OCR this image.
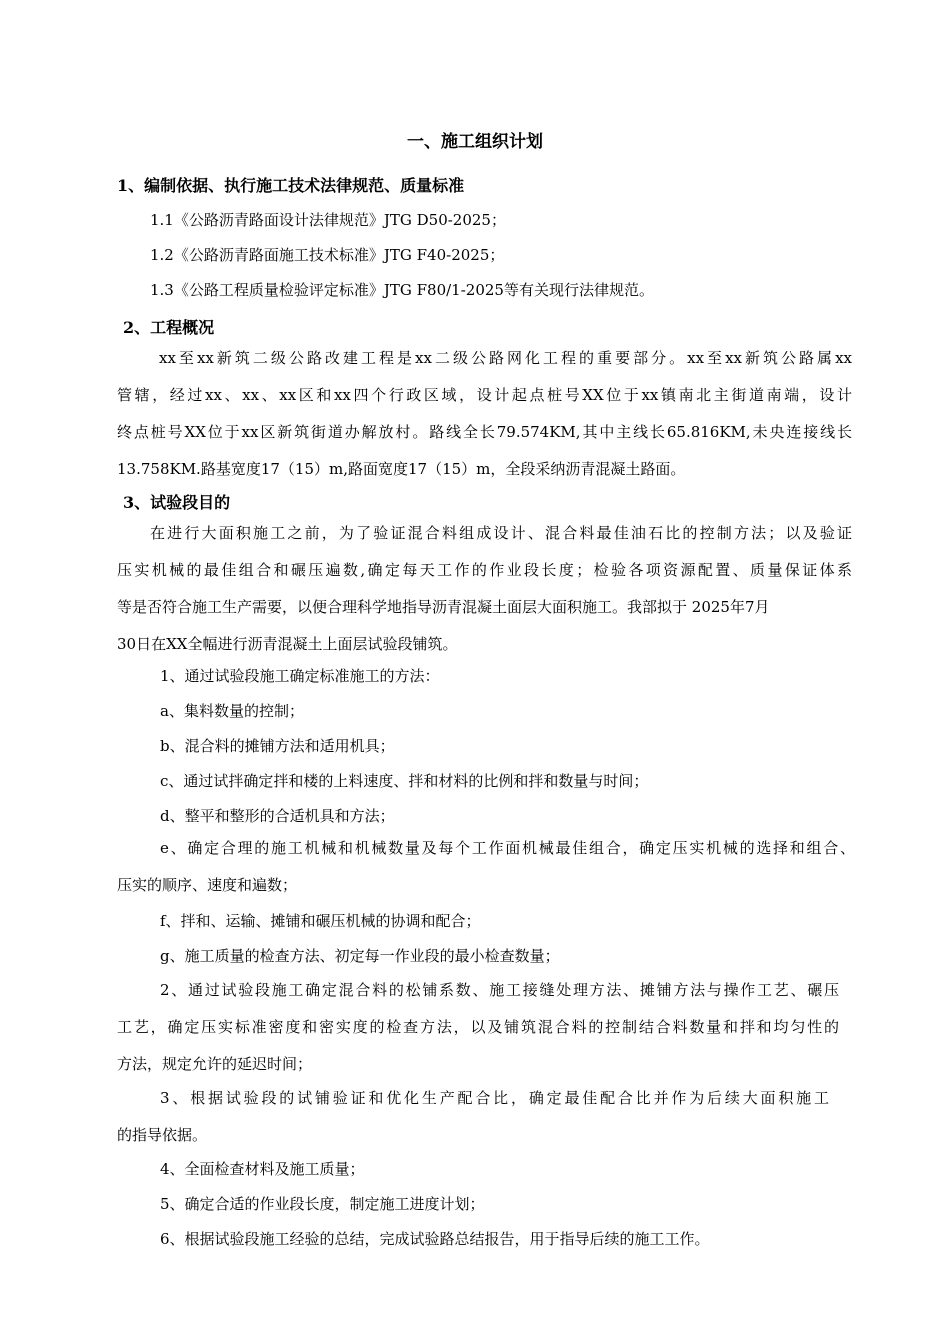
一、施工组织计划
1、编制依据、执行施工技术法律规范、质量标准
1.1《公路沥青路面设计法律规范》JTG D50-2025；
1.2《公路沥青路面施工技术标准》JTG F40-2025；
1.3《公路工程质量检验评定标准》JTG F80/1-2025等有关现行法律规范。
2、工程概况
xx至xx新筑二级公路改建工程是xx二级公路网化工程的重要部分。xx至xx新筑公路属xx
管辖，经过xx、xx、xx区和xx四个行政区域，设计起点桩号XX位于xx镇南北主街道南端，设计
终点桩号XX位于xx区新筑街道办解放村。路线全长79.574KM,其中主线长65.816KM,未央连接线长
13.758KM.路基宽度17（15）m,路面宽度17（15）m，全段采纳沥青混凝土路面。
3、试验段目的
在进行大面积施工之前，为了验证混合料组成设计、混合料最佳油石比的控制方法；以及验证
压实机械的最佳组合和碾压遍数,确定每天工作的作业段长度；检验各项资源配置、质量保证体系
等是否符合施工生产需要，以便合理科学地指导沥青混凝土面层大面积施工。我部拟于 2025年7月
30日在XX全幅进行沥青混凝土上面层试验段铺筑。
1、通过试验段施工确定标准施工的方法：
a、集料数量的控制；
b、混合料的摊铺方法和适用机具；
c、通过试拌确定拌和楼的上料速度、拌和材料的比例和拌和数量与时间；
d、整平和整形的合适机具和方法；
e、确定合理的施工机械和机械数量及每个工作面机械最佳组合，确定压实机械的选择和组合、
压实的顺序、速度和遍数；
f、拌和、运输、摊铺和碾压机械的协调和配合；
g、施工质量的检查方法、初定每一作业段的最小检查数量；
2、通过试验段施工确定混合料的松铺系数、施工接缝处理方法、摊铺方法与操作工艺、碾压
工艺，确定压实标准密度和密实度的检查方法，以及铺筑混合料的控制结合料数量和拌和均匀性的
方法，规定允许的延迟时间；
3、根据试验段的试铺验证和优化生产配合比，确定最佳配合比并作为后续大面积施工
的指导依据。
4、全面检查材料及施工质量；
5、确定合适的作业段长度，制定施工进度计划；
6、根据试验段施工经验的总结，完成试验路总结报告，用于指导后续的施工工作。
